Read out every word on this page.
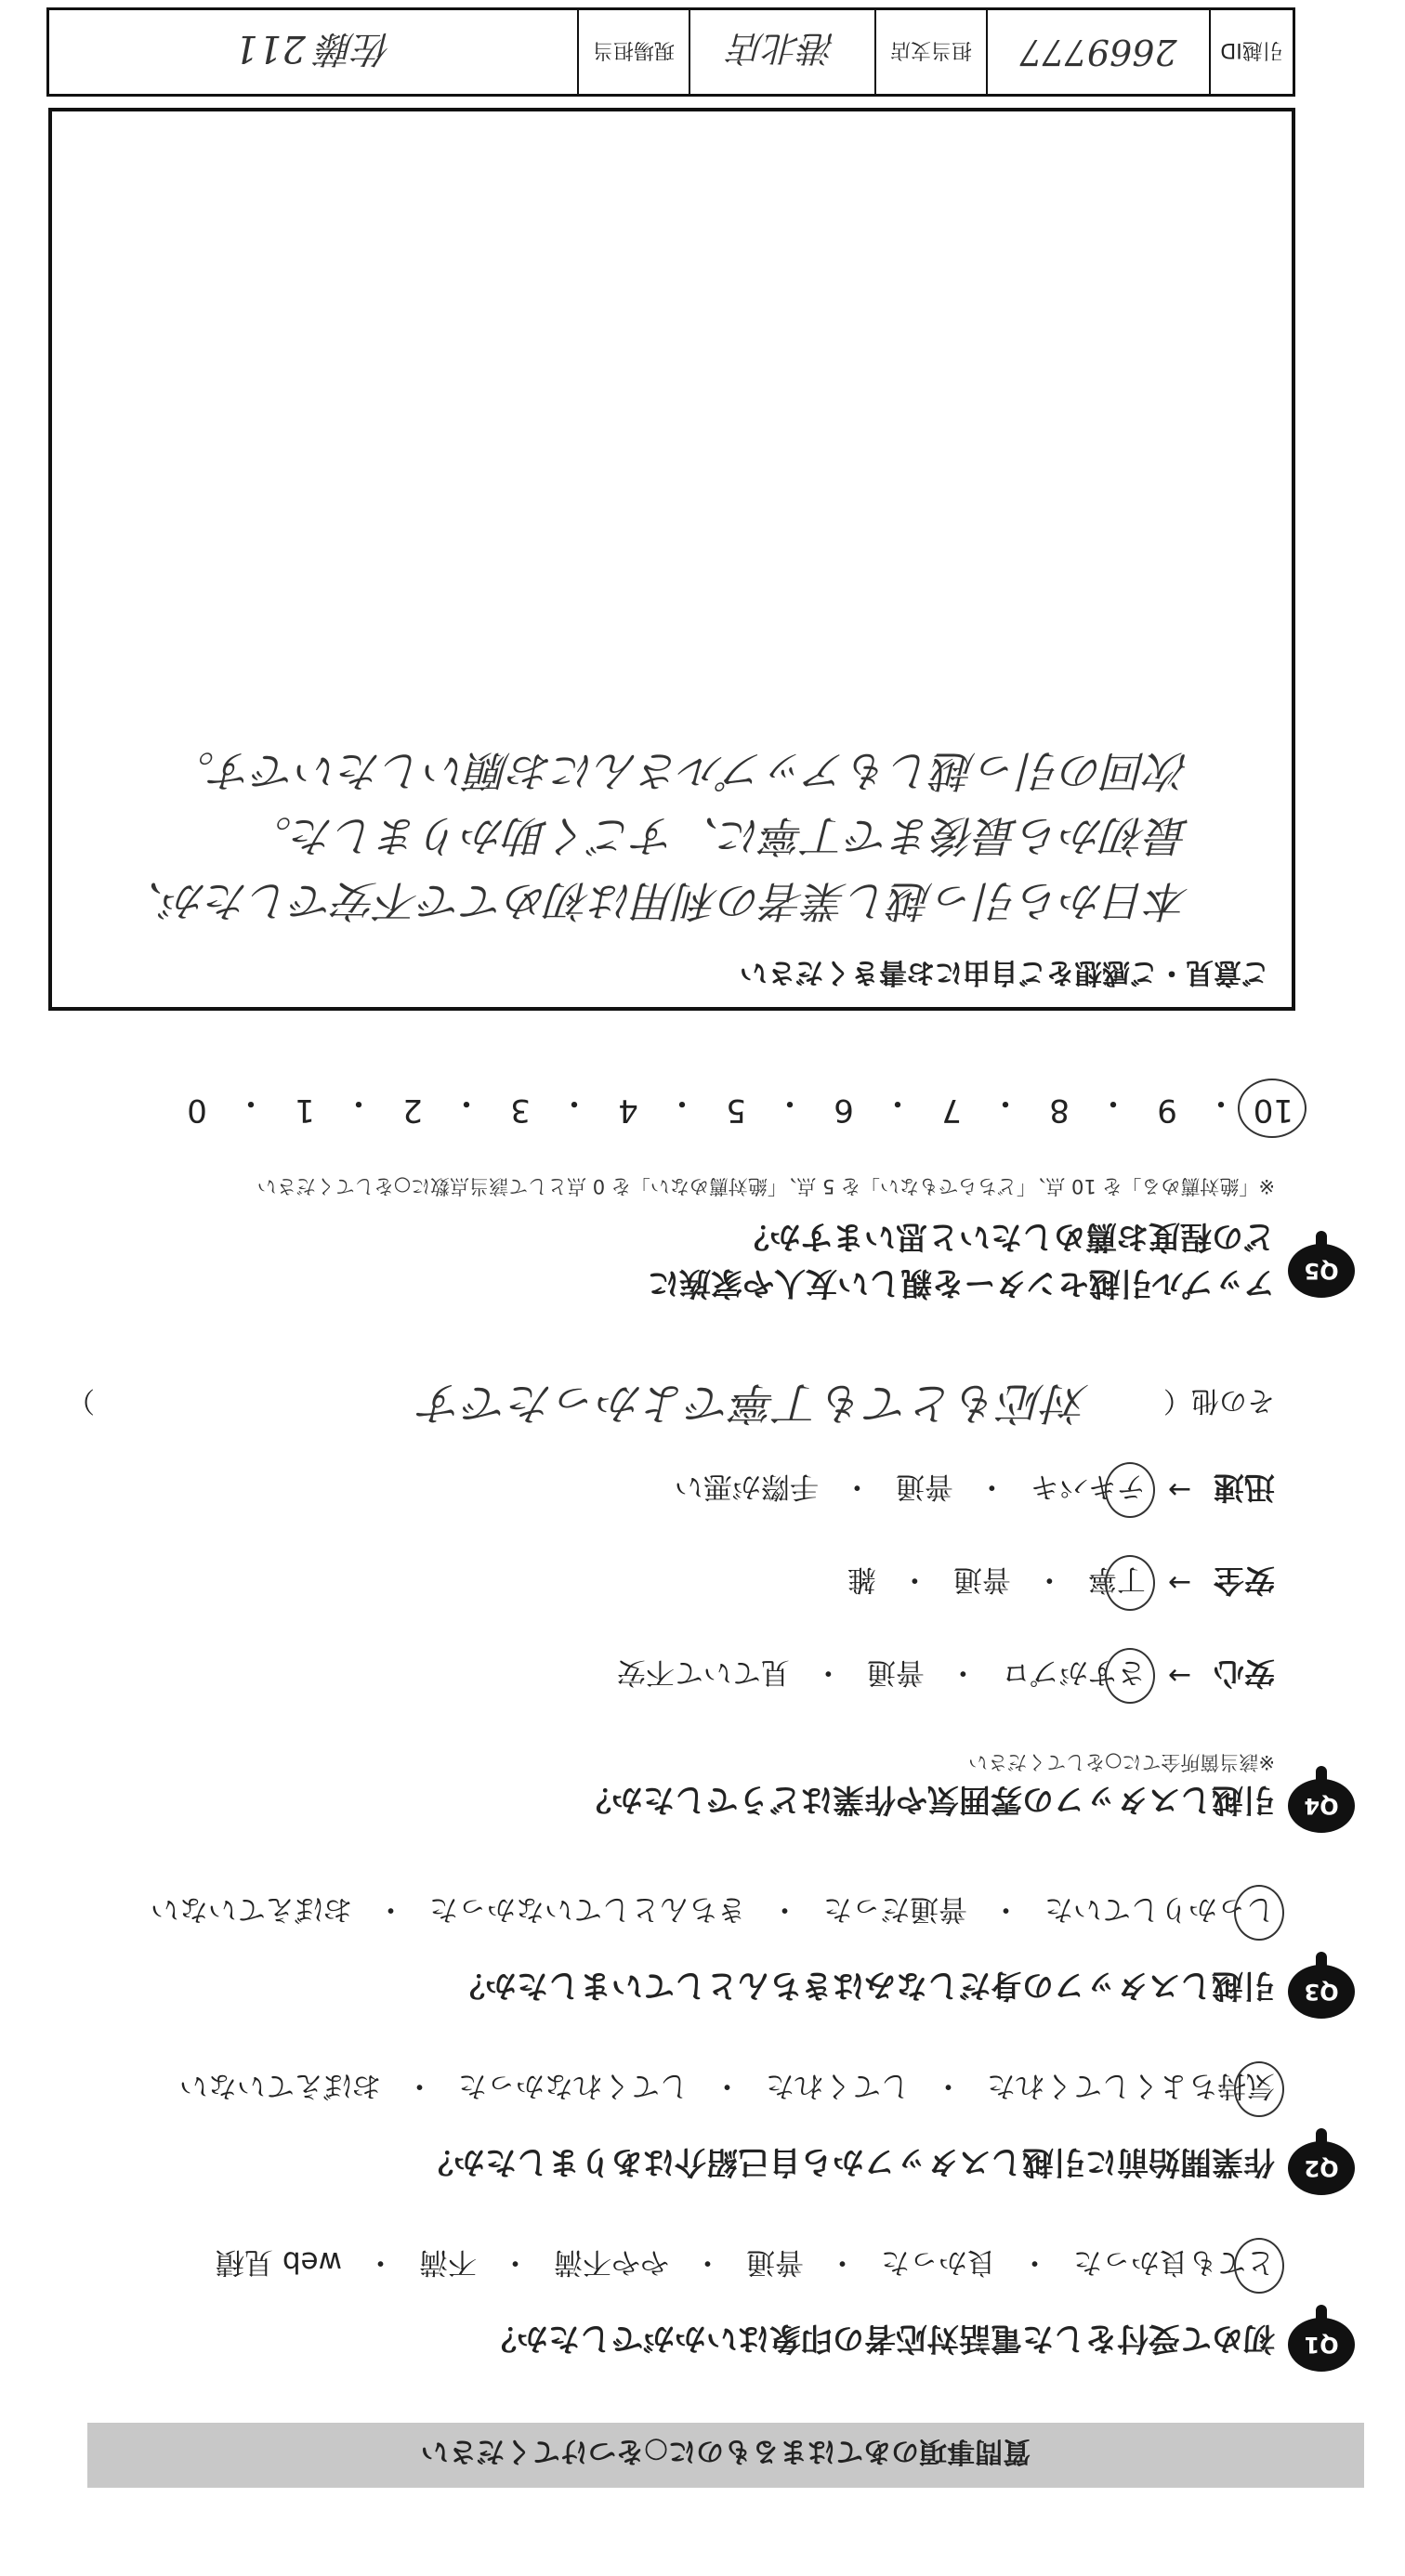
質問事項のあてはまるものに○をつけてください
Q1
初めて受付をした電話対応者の印象はいかがでしたか？
とても良かった
・
良かった
・
普通
・
やや不満
・
不満
・
web 見積
Q2
作業開始前に引越しスタッフから自己紹介はありましたか？
気持ちよくしてくれた
・
してくれた
・
してくれなかった
・
おぼえていない
Q3
引越しスタッフの身だしなみはきちんとしていましたか？
しっかりしていた
・
普通だった
・
きちんとしていなかった
・
おぼえていない
Q4
引越しスタッフの雰囲気や作業はどうでしたか？
※該当箇所全てに○をしてください
安心
→
さすがプロ
・
普通
・
見ていて不安
安全
→
丁寧
・
普通
・
雑
迅速
→
テキパキ
・
普通
・
手際が悪い
その他（
対応もとても丁寧でよかったです
）
Q5
アップル引越センターを親しい友人や家族に
どの程度お薦めしたいと思いますか？
※「絶対薦める」を 10 点、「どちらでもない」を 5 点、「絶対薦めない」を 0 点として該当点数に○をしてください
10
・
9
・
8
・
7
・
6
・
5
・
4
・
3
・
2
・
1
・
0
ご意見・ご感想をご自由にお書きください
本日から引っ越し業者の利用は初めてで不安でしたが、
最初から最後まで丁寧に、すごく助かりました。
次回の引っ越しもアップルさんにお願いしたいです。
引越ID
2669777
担当支店
港北店
現場担当
佐藤 211
